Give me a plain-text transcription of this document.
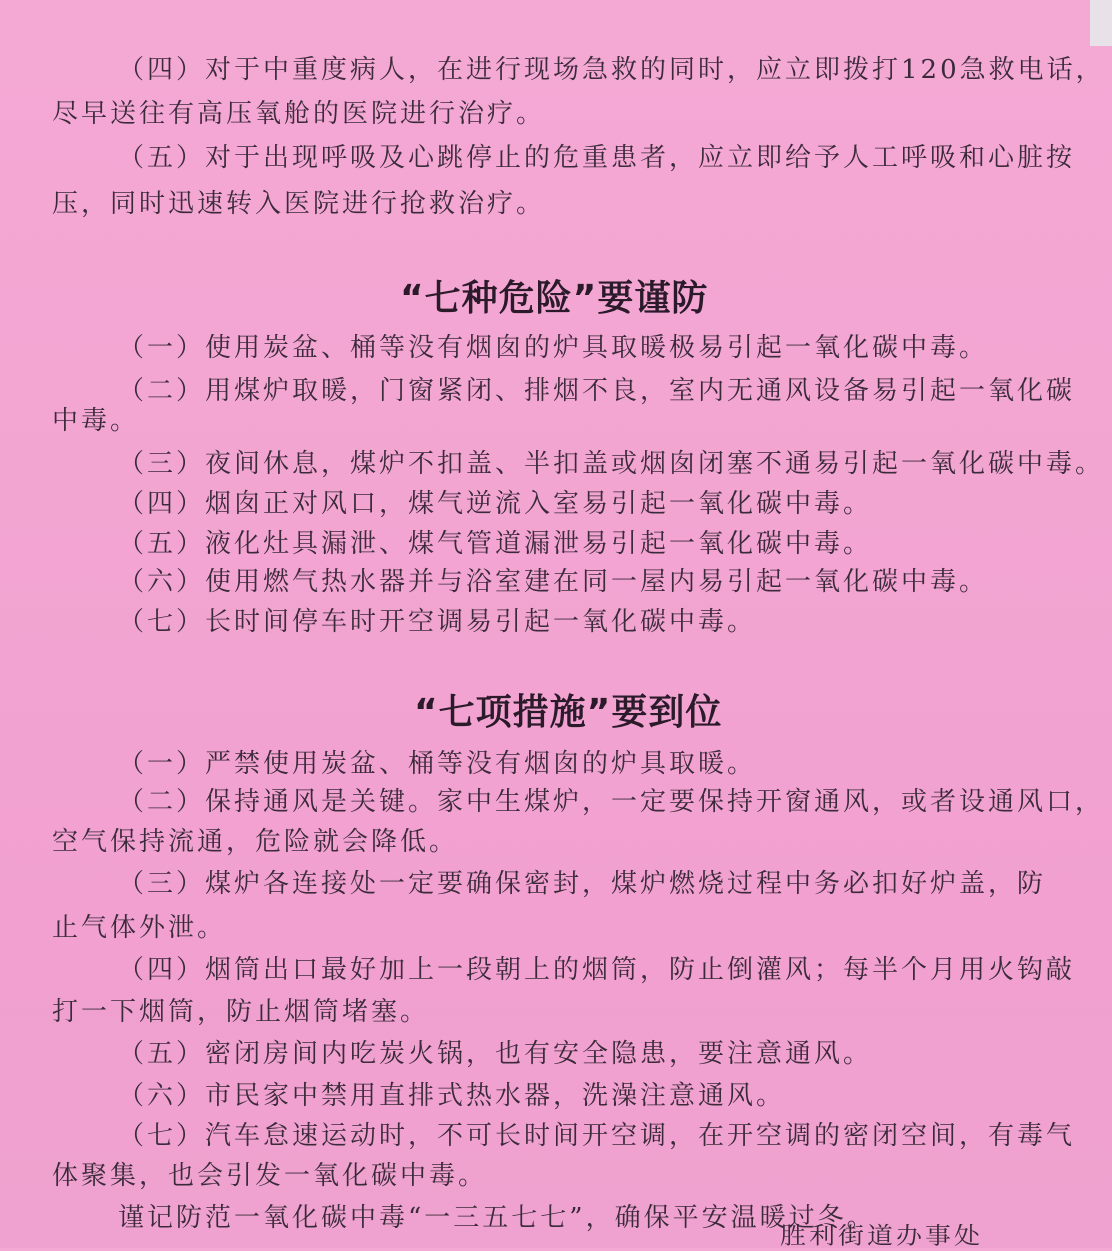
（四）对于中重度病人，在进行现场急救的同时，应立即拨打120急救电话，
尽早送往有高压氧舱的医院进行治疗。
（五）对于出现呼吸及心跳停止的危重患者，应立即给予人工呼吸和心脏按
压，同时迅速转入医院进行抢救治疗。
“七种危险”要谨防
（一）使用炭盆、桶等没有烟囱的炉具取暖极易引起一氧化碳中毒。
（二）用煤炉取暖，门窗紧闭、排烟不良，室内无通风设备易引起一氧化碳
中毒。
（三）夜间休息，煤炉不扣盖、半扣盖或烟囱闭塞不通易引起一氧化碳中毒。
（四）烟囱正对风口，煤气逆流入室易引起一氧化碳中毒。
（五）液化灶具漏泄、煤气管道漏泄易引起一氧化碳中毒。
（六）使用燃气热水器并与浴室建在同一屋内易引起一氧化碳中毒。
（七）长时间停车时开空调易引起一氧化碳中毒。
“七项措施”要到位
（一）严禁使用炭盆、桶等没有烟囱的炉具取暖。
（二）保持通风是关键。家中生煤炉，一定要保持开窗通风，或者设通风口，
空气保持流通，危险就会降低。
（三）煤炉各连接处一定要确保密封，煤炉燃烧过程中务必扣好炉盖，防
止气体外泄。
（四）烟筒出口最好加上一段朝上的烟筒，防止倒灌风；每半个月用火钩敲
打一下烟筒，防止烟筒堵塞。
（五）密闭房间内吃炭火锅，也有安全隐患，要注意通风。
（六）市民家中禁用直排式热水器，洗澡注意通风。
（七）汽车怠速运动时，不可长时间开空调，在开空调的密闭空间，有毒气
体聚集，也会引发一氧化碳中毒。
谨记防范一氧化碳中毒“一三五七七”，确保平安温暖过冬。
胜利街道办事处
